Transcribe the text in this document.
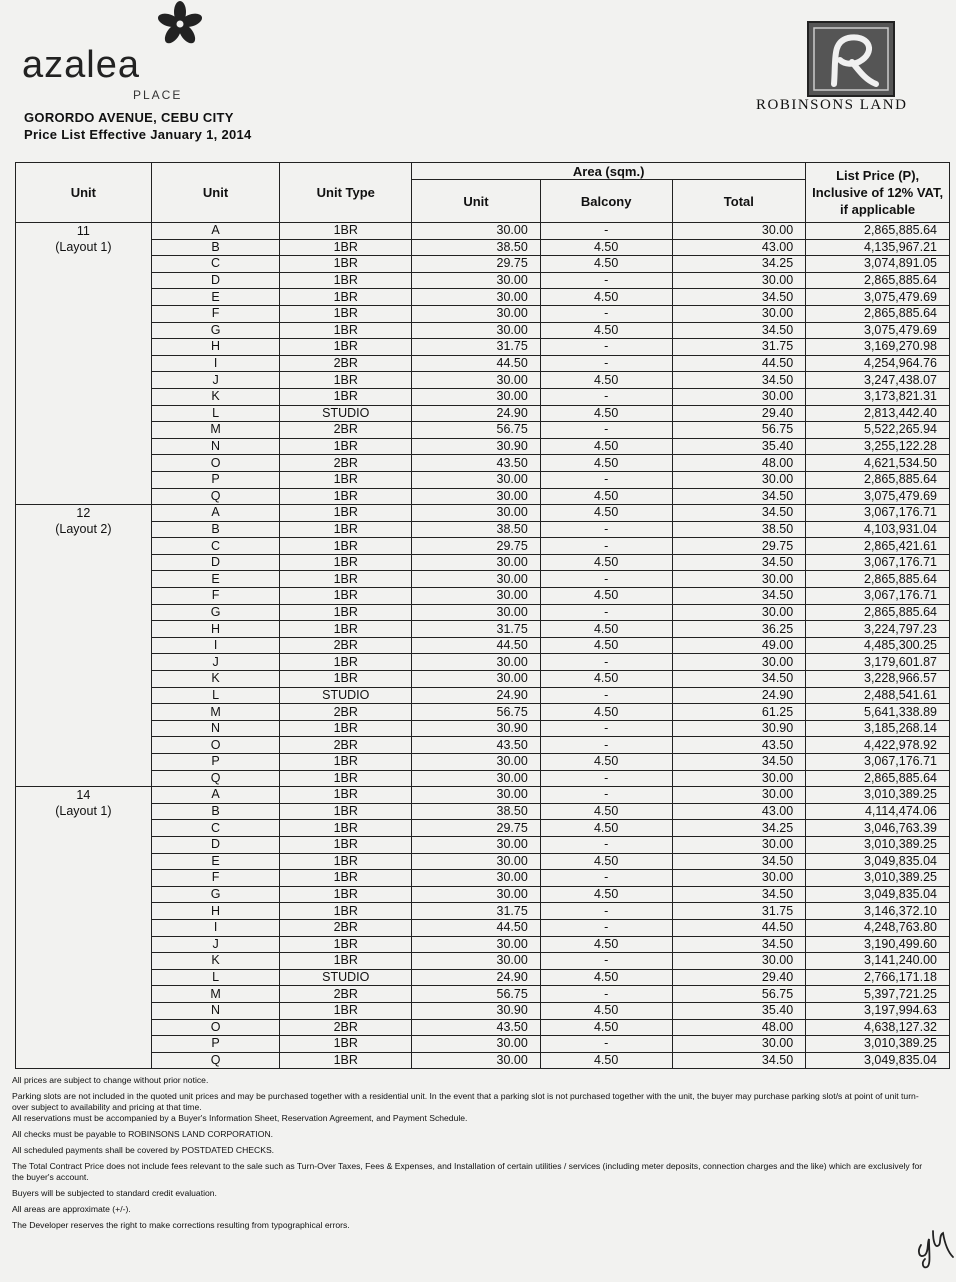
azalea
PLACE
GORORDO AVENUE, CEBU CITY
Price List Effective January 1, 2014
ROBINSONS LAND
Unit	Unit	Unit Type	Area (sqm.)			List Price (P), Inclusive of 12% VAT, if applicable
			Unit	Balcony	Total	

11
(Layout 1)	A	1BR	30.00	-	30.00	2,865,885.64
	B	1BR	38.50	4.50	43.00	4,135,967.21
	C	1BR	29.75	4.50	34.25	3,074,891.05
	D	1BR	30.00	-	30.00	2,865,885.64
	E	1BR	30.00	4.50	34.50	3,075,479.69
	F	1BR	30.00	-	30.00	2,865,885.64
	G	1BR	30.00	4.50	34.50	3,075,479.69
	H	1BR	31.75	-	31.75	3,169,270.98
	I	2BR	44.50	-	44.50	4,254,964.76
	J	1BR	30.00	4.50	34.50	3,247,438.07
	K	1BR	30.00	-	30.00	3,173,821.31
	L	STUDIO	24.90	4.50	29.40	2,813,442.40
	M	2BR	56.75	-	56.75	5,522,265.94
	N	1BR	30.90	4.50	35.40	3,255,122.28
	O	2BR	43.50	4.50	48.00	4,621,534.50
	P	1BR	30.00	-	30.00	2,865,885.64
	Q	1BR	30.00	4.50	34.50	3,075,479.69

12
(Layout 2)	A	1BR	30.00	4.50	34.50	3,067,176.71
	B	1BR	38.50	-	38.50	4,103,931.04
	C	1BR	29.75	-	29.75	2,865,421.61
	D	1BR	30.00	4.50	34.50	3,067,176.71
	E	1BR	30.00	-	30.00	2,865,885.64
	F	1BR	30.00	4.50	34.50	3,067,176.71
	G	1BR	30.00	-	30.00	2,865,885.64
	H	1BR	31.75	4.50	36.25	3,224,797.23
	I	2BR	44.50	4.50	49.00	4,485,300.25
	J	1BR	30.00	-	30.00	3,179,601.87
	K	1BR	30.00	4.50	34.50	3,228,966.57
	L	STUDIO	24.90	-	24.90	2,488,541.61
	M	2BR	56.75	4.50	61.25	5,641,338.89
	N	1BR	30.90	-	30.90	3,185,268.14
	O	2BR	43.50	-	43.50	4,422,978.92
	P	1BR	30.00	4.50	34.50	3,067,176.71
	Q	1BR	30.00	-	30.00	2,865,885.64

14
(Layout 1)	A	1BR	30.00	-	30.00	3,010,389.25
	B	1BR	38.50	4.50	43.00	4,114,474.06
	C	1BR	29.75	4.50	34.25	3,046,763.39
	D	1BR	30.00	-	30.00	3,010,389.25
	E	1BR	30.00	4.50	34.50	3,049,835.04
	F	1BR	30.00	-	30.00	3,010,389.25
	G	1BR	30.00	4.50	34.50	3,049,835.04
	H	1BR	31.75	-	31.75	3,146,372.10
	I	2BR	44.50	-	44.50	4,248,763.80
	J	1BR	30.00	4.50	34.50	3,190,499.60
	K	1BR	30.00	-	30.00	3,141,240.00
	L	STUDIO	24.90	4.50	29.40	2,766,171.18
	M	2BR	56.75	-	56.75	5,397,721.25
	N	1BR	30.90	4.50	35.40	3,197,994.63
	O	2BR	43.50	4.50	48.00	4,638,127.32
	P	1BR	30.00	-	30.00	3,010,389.25
	Q	1BR	30.00	4.50	34.50	3,049,835.04

All prices are subject to change without prior notice.

Parking slots are not included in the quoted unit prices and may be purchased together with a residential unit. In the event that a parking slot is not purchased together with the unit, the buyer may purchase parking slot/s at point of unit turn-over subject to availability and pricing at that time.

All reservations must be accompanied by a Buyer's Information Sheet, Reservation Agreement, and Payment Schedule.

All checks must be payable to ROBINSONS LAND CORPORATION.

All scheduled payments shall be covered by POSTDATED CHECKS.

The Total Contract Price does not include fees relevant to the sale such as Turn-Over Taxes, Fees & Expenses, and Installation of certain utilities / services (including meter deposits, connection charges and the like) which are exclusively for the buyer's account.

Buyers will be subjected to standard credit evaluation.

All areas are approximate (+/-).

The Developer reserves the right to make corrections resulting from typographical errors.
